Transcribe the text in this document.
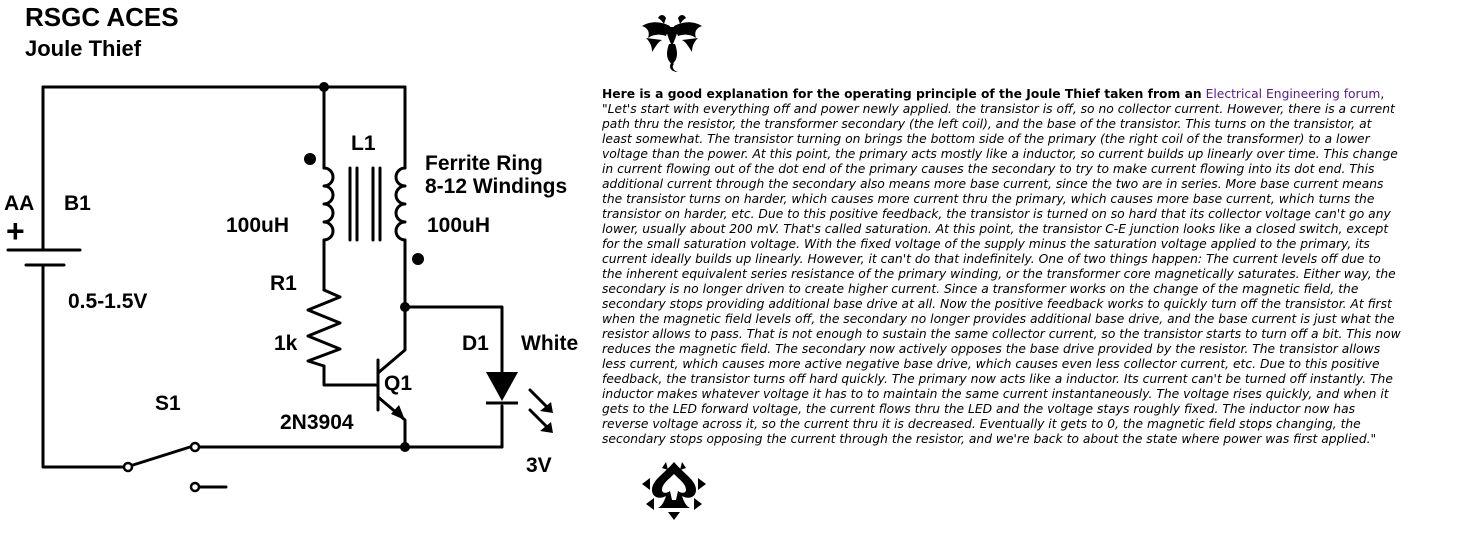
RSGC ACES
Joule Thief
AA
+
B1
0.5-1.5V
L1
Ferrite Ring
8-12 Windings
100uH	100uH
R1
1k
Q1
2N3904
D1 White
3V
S1

Here is a good explanation for the operating principle of the Joule Thief taken from an Electrical Engineering forum, "Let's start with everything off and power newly applied. the transistor is off, so no collector current. However, there is a current path thru the resistor, the transformer secondary (the left coil), and the base of the transistor. This turns on the transistor, at least somewhat. The transistor turning on brings the bottom side of the primary (the right coil of the transformer) to a lower voltage than the power. At this point, the primary acts mostly like a inductor, so current builds up linearly over time. This change in current flowing out of the dot end of the primary causes the secondary to try to make current flowing into its dot end. This additional current through the secondary also means more base current, since the two are in series. More base current means the transistor turns on harder, which causes more current thru the primary, which causes more base current, which turns the transistor on harder, etc. Due to this positive feedback, the transistor is turned on so hard that its collector voltage can't go any lower, usually about 200 mV. That's called saturation. At this point, the transistor C-E junction looks like a closed switch, except for the small saturation voltage. With the fixed voltage of the supply minus the saturation voltage applied to the primary, its current ideally builds up linearly. However, it can't do that indefinitely. One of two things happen: The current levels off due to the inherent equivalent series resistance of the primary winding, or the transformer core magnetically saturates. Either way, the secondary is no longer driven to create higher current. Since a transformer works on the change of the magnetic field, the secondary stops providing additional base drive at all. Now the positive feedback works to quickly turn off the transistor. At first when the magnetic field levels off, the secondary no longer provides additional base drive, and the base current is just what the resistor allows to pass. That is not enough to sustain the same collector current, so the transistor starts to turn off a bit. This now reduces the magnetic field. The secondary now actively opposes the base drive provided by the resistor. The transistor allows less current, which causes more active negative base drive, which causes even less collector current, etc. Due to this positive feedback, the transistor turns off hard quickly. The primary now acts like a inductor. Its current can't be turned off instantly. The inductor makes whatever voltage it has to to maintain the same current instantaneously. The voltage rises quickly, and when it gets to the LED forward voltage, the current flows thru the LED and the voltage stays roughly fixed. The inductor now has reverse voltage across it, so the current thru it is decreased. Eventually it gets to 0, the magnetic field stops changing, the secondary stops opposing the current through the resistor, and we're back to about the state where power was first applied."
